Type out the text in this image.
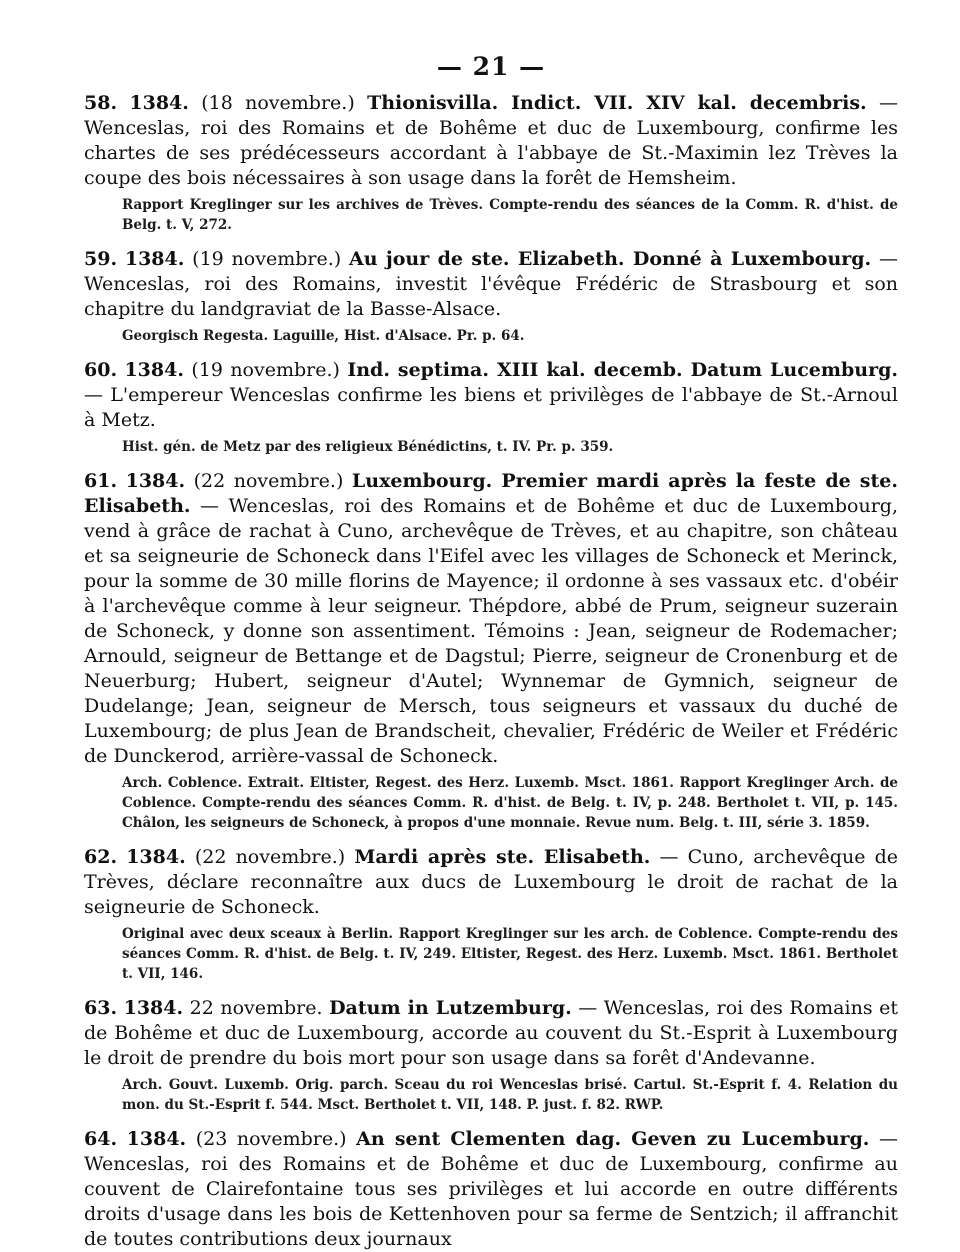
— 21 —

58. 1384. (18 novembre.) Thionisvilla. Indict. VII. XIV kal. decembris. — Wenceslas, roi des Romains et de Bohême et duc de Luxembourg, confirme les chartes de ses prédécesseurs accordant à l'abbaye de St.-Maximin lez Trèves la coupe des bois nécessaires à son usage dans la forêt de Hemsheim.

Rapport Kreglinger sur les archives de Trèves. Compte-rendu des séances de la Comm. R. d'hist. de Belg. t. V, 272.

59. 1384. (19 novembre.) Au jour de ste. Elizabeth. Donné à Luxembourg. — Wenceslas, roi des Romains, investit l'évêque Frédéric de Strasbourg et son chapitre du landgraviat de la Basse-Alsace.

Georgisch Regesta. Laguille, Hist. d'Alsace. Pr. p. 64.

60. 1384. (19 novembre.) Ind. septima. XIII kal. decemb. Datum Lucemburg. — L'empereur Wenceslas confirme les biens et privilèges de l'abbaye de St.-Arnoul à Metz.

Hist. gén. de Metz par des religieux Bénédictins, t. IV. Pr. p. 359.

61. 1384. (22 novembre.) Luxembourg. Premier mardi après la feste de ste. Elisabeth. — Wenceslas, roi des Romains et de Bohême et duc de Luxembourg, vend à grâce de rachat à Cuno, archevêque de Trèves, et au chapitre, son château et sa seigneurie de Schoneck dans l'Eifel avec les villages de Schoneck et Merinck, pour la somme de 30 mille florins de Mayence; il ordonne à ses vassaux etc. d'obéir à l'archevêque comme à leur seigneur. Thépdore, abbé de Prum, seigneur suzerain de Schoneck, y donne son assentiment. Témoins : Jean, seigneur de Rodemacher; Arnould, seigneur de Bettange et de Dagstul; Pierre, seigneur de Cronenburg et de Neuerburg; Hubert, seigneur d'Autel; Wynnemar de Gymnich, seigneur de Dudelange; Jean, seigneur de Mersch, tous seigneurs et vassaux du duché de Luxembourg; de plus Jean de Brandscheit, chevalier, Frédéric de Weiler et Frédéric de Dunckerod, arrière-vassal de Schoneck.

Arch. Coblence. Extrait. Eltister, Regest. des Herz. Luxemb. Msct. 1861. Rapport Kreglinger Arch. de Coblence. Compte-rendu des séances Comm. R. d'hist. de Belg. t. IV, p. 248. Bertholet t. VII, p. 145. Châlon, les seigneurs de Schoneck, à propos d'une monnaie. Revue num. Belg. t. III, série 3. 1859.

62. 1384. (22 novembre.) Mardi après ste. Elisabeth. — Cuno, archevêque de Trèves, déclare reconnaître aux ducs de Luxembourg le droit de rachat de la seigneurie de Schoneck.

Original avec deux sceaux à Berlin. Rapport Kreglinger sur les arch. de Coblence. Compte-rendu des séances Comm. R. d'hist. de Belg. t. IV, 249. Eltister, Regest. des Herz. Luxemb. Msct. 1861. Bertholet t. VII, 146.

63. 1384. 22 novembre. Datum in Lutzemburg. — Wenceslas, roi des Romains et de Bohême et duc de Luxembourg, accorde au couvent du St.-Esprit à Luxembourg le droit de prendre du bois mort pour son usage dans sa forêt d'Andevanne.

Arch. Gouvt. Luxemb. Orig. parch. Sceau du roi Wenceslas brisé. Cartul. St.-Esprit f. 4. Relation du mon. du St.-Esprit f. 544. Msct. Bertholet t. VII, 148. P. just. f. 82. RWP.

64. 1384. (23 novembre.) An sent Clementen dag. Geven zu Lucemburg. — Wenceslas, roi des Romains et de Bohême et duc de Luxembourg, confirme au couvent de Clairefontaine tous ses privilèges et lui accorde en outre différents droits d'usage dans les bois de Kettenhoven pour sa ferme de Sentzich; il affranchit de toutes contributions deux journaux
